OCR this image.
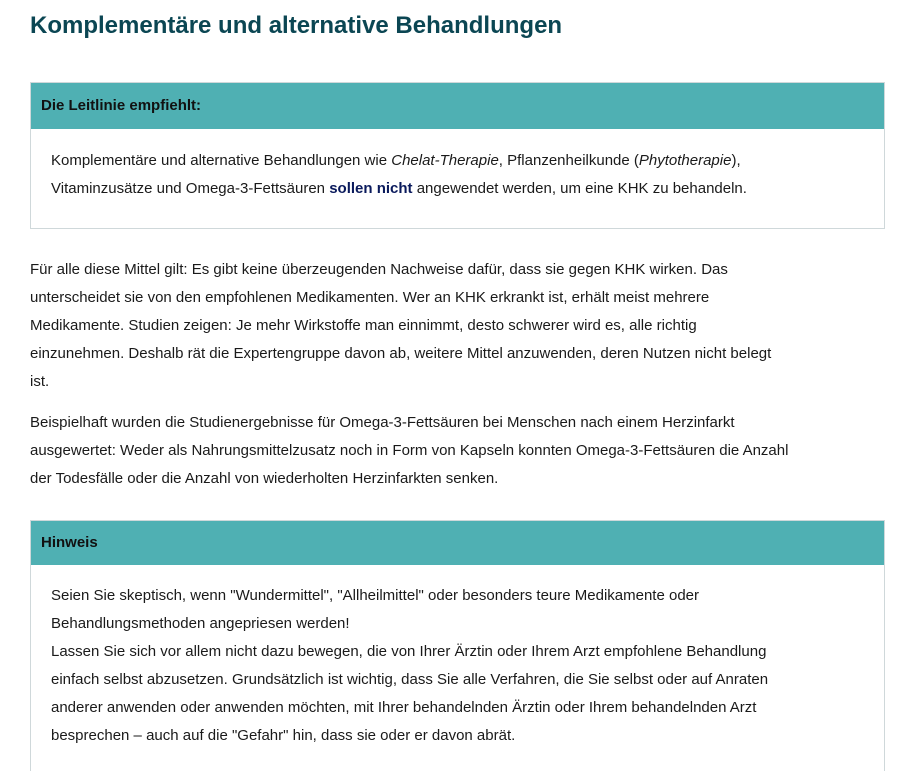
Komplementäre und alternative Behandlungen
Die Leitlinie empfiehlt:
Komplementäre und alternative Behandlungen wie Chelat-Therapie, Pflanzenheilkunde (Phytotherapie),
Vitaminzusätze und Omega-3-Fettsäuren sollen nicht angewendet werden, um eine KHK zu behandeln.

Für alle diese Mittel gilt: Es gibt keine überzeugenden Nachweise dafür, dass sie gegen KHK wirken. Das
unterscheidet sie von den empfohlenen Medikamenten. Wer an KHK erkrankt ist, erhält meist mehrere
Medikamente. Studien zeigen: Je mehr Wirkstoffe man einnimmt, desto schwerer wird es, alle richtig
einzunehmen. Deshalb rät die Expertengruppe davon ab, weitere Mittel anzuwenden, deren Nutzen nicht belegt
ist.

Beispielhaft wurden die Studienergebnisse für Omega-3-Fettsäuren bei Menschen nach einem Herzinfarkt
ausgewertet: Weder als Nahrungsmittelzusatz noch in Form von Kapseln konnten Omega-3-Fettsäuren die Anzahl
der Todesfälle oder die Anzahl von wiederholten Herzinfarkten senken.

Hinweis
Seien Sie skeptisch, wenn "Wundermittel", "Allheilmittel" oder besonders teure Medikamente oder
Behandlungsmethoden angepriesen werden!
Lassen Sie sich vor allem nicht dazu bewegen, die von Ihrer Ärztin oder Ihrem Arzt empfohlene Behandlung
einfach selbst abzusetzen. Grundsätzlich ist wichtig, dass Sie alle Verfahren, die Sie selbst oder auf Anraten
anderer anwenden oder anwenden möchten, mit Ihrer behandelnden Ärztin oder Ihrem behandelnden Arzt
besprechen – auch auf die "Gefahr" hin, dass sie oder er davon abrät.
